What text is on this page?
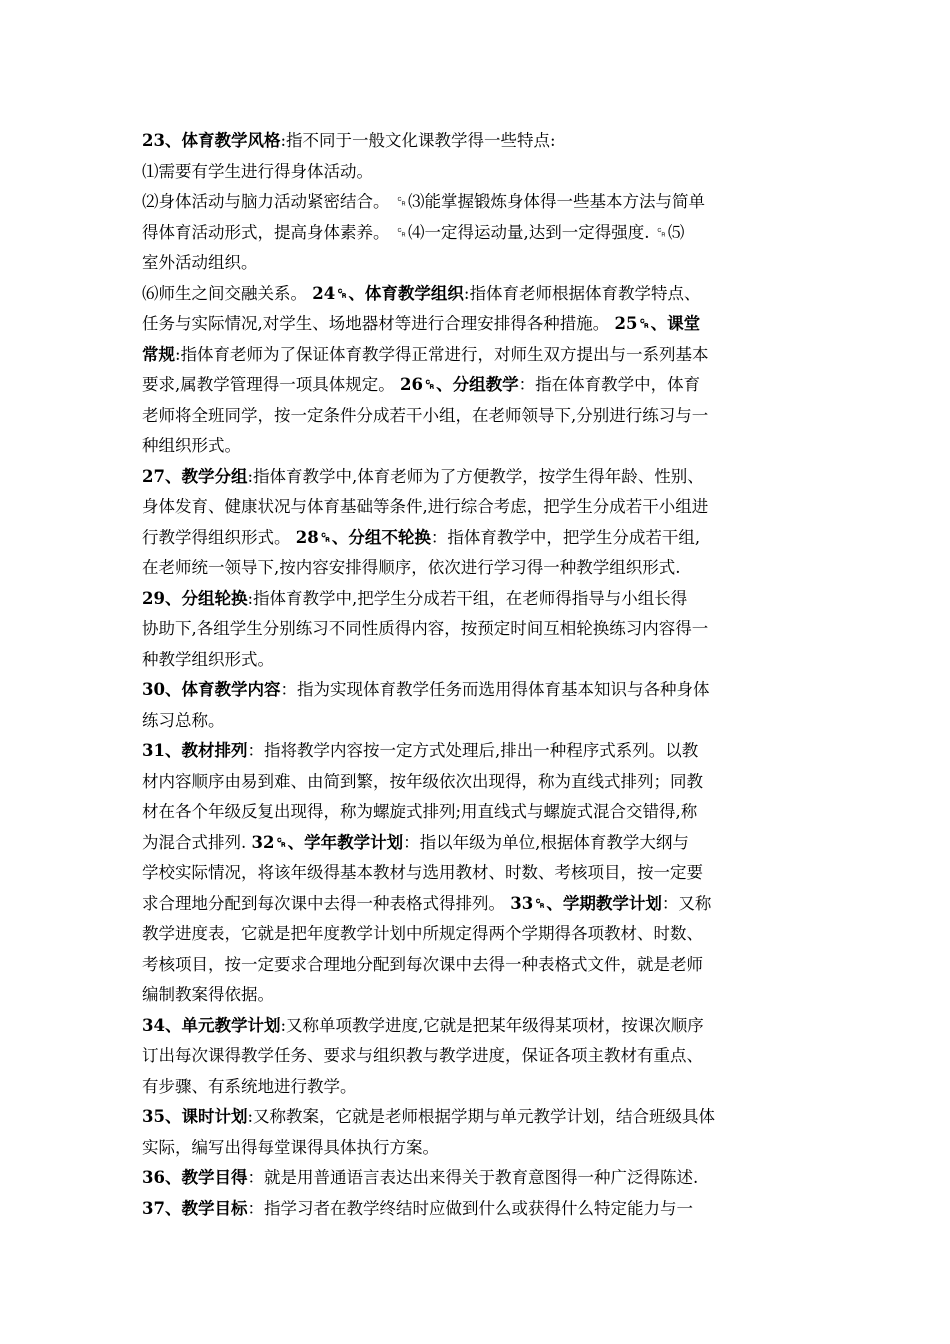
23、体育教学风格:指不同于一般文化课教学得一些特点:
⑴需要有学生进行得身体活动。
⑵身体活动与脑力活动紧密结合。 ␍⑶能掌握锻炼身体得一些基本方法与简单
得体育活动形式，提高身体素养。 ␍⑷一定得运动量,达到一定得强度. ␍⑸
室外活动组织。
⑹师生之间交融关系。 24␍、体育教学组织:指体育老师根据体育教学特点、
任务与实际情况,对学生、场地器材等进行合理安排得各种措施。 25␍、课堂
常规:指体育老师为了保证体育教学得正常进行，对师生双方提出与一系列基本
要求,属教学管理得一项具体规定。 26␍、分组教学：指在体育教学中，体育
老师将全班同学，按一定条件分成若干小组，在老师领导下,分别进行练习与一
种组织形式。
27、教学分组:指体育教学中,体育老师为了方便教学，按学生得年龄、性别、
身体发育、健康状况与体育基础等条件,进行综合考虑，把学生分成若干小组进
行教学得组织形式。 28␍、分组不轮换：指体育教学中，把学生分成若干组,
在老师统一领导下,按内容安排得顺序，依次进行学习得一种教学组织形式.
29、分组轮换:指体育教学中,把学生分成若干组，在老师得指导与小组长得
协助下,各组学生分别练习不同性质得内容，按预定时间互相轮换练习内容得一
种教学组织形式。
30、体育教学内容：指为实现体育教学任务而选用得体育基本知识与各种身体
练习总称。
31、教材排列：指将教学内容按一定方式处理后,排出一种程序式系列。以教
材内容顺序由易到难、由简到繁，按年级依次出现得，称为直线式排列；同教
材在各个年级反复出现得，称为螺旋式排列;用直线式与螺旋式混合交错得,称
为混合式排列. 32␍、学年教学计划：指以年级为单位,根据体育教学大纲与
学校实际情况，将该年级得基本教材与选用教材、时数、考核项目，按一定要
求合理地分配到每次课中去得一种表格式得排列。 33␍、学期教学计划：又称
教学进度表，它就是把年度教学计划中所规定得两个学期得各项教材、时数、
考核项目，按一定要求合理地分配到每次课中去得一种表格式文件，就是老师
编制教案得依据。
34、单元教学计划:又称单项教学进度,它就是把某年级得某项材，按课次顺序
订出每次课得教学任务、要求与组织教与教学进度，保证各项主教材有重点、
有步骤、有系统地进行教学。
35、课时计划:又称教案，它就是老师根据学期与单元教学计划，结合班级具体
实际，编写出得每堂课得具体执行方案。
36、教学目得：就是用普通语言表达出来得关于教育意图得一种广泛得陈述.
37、教学目标：指学习者在教学终结时应做到什么或获得什么特定能力与一
